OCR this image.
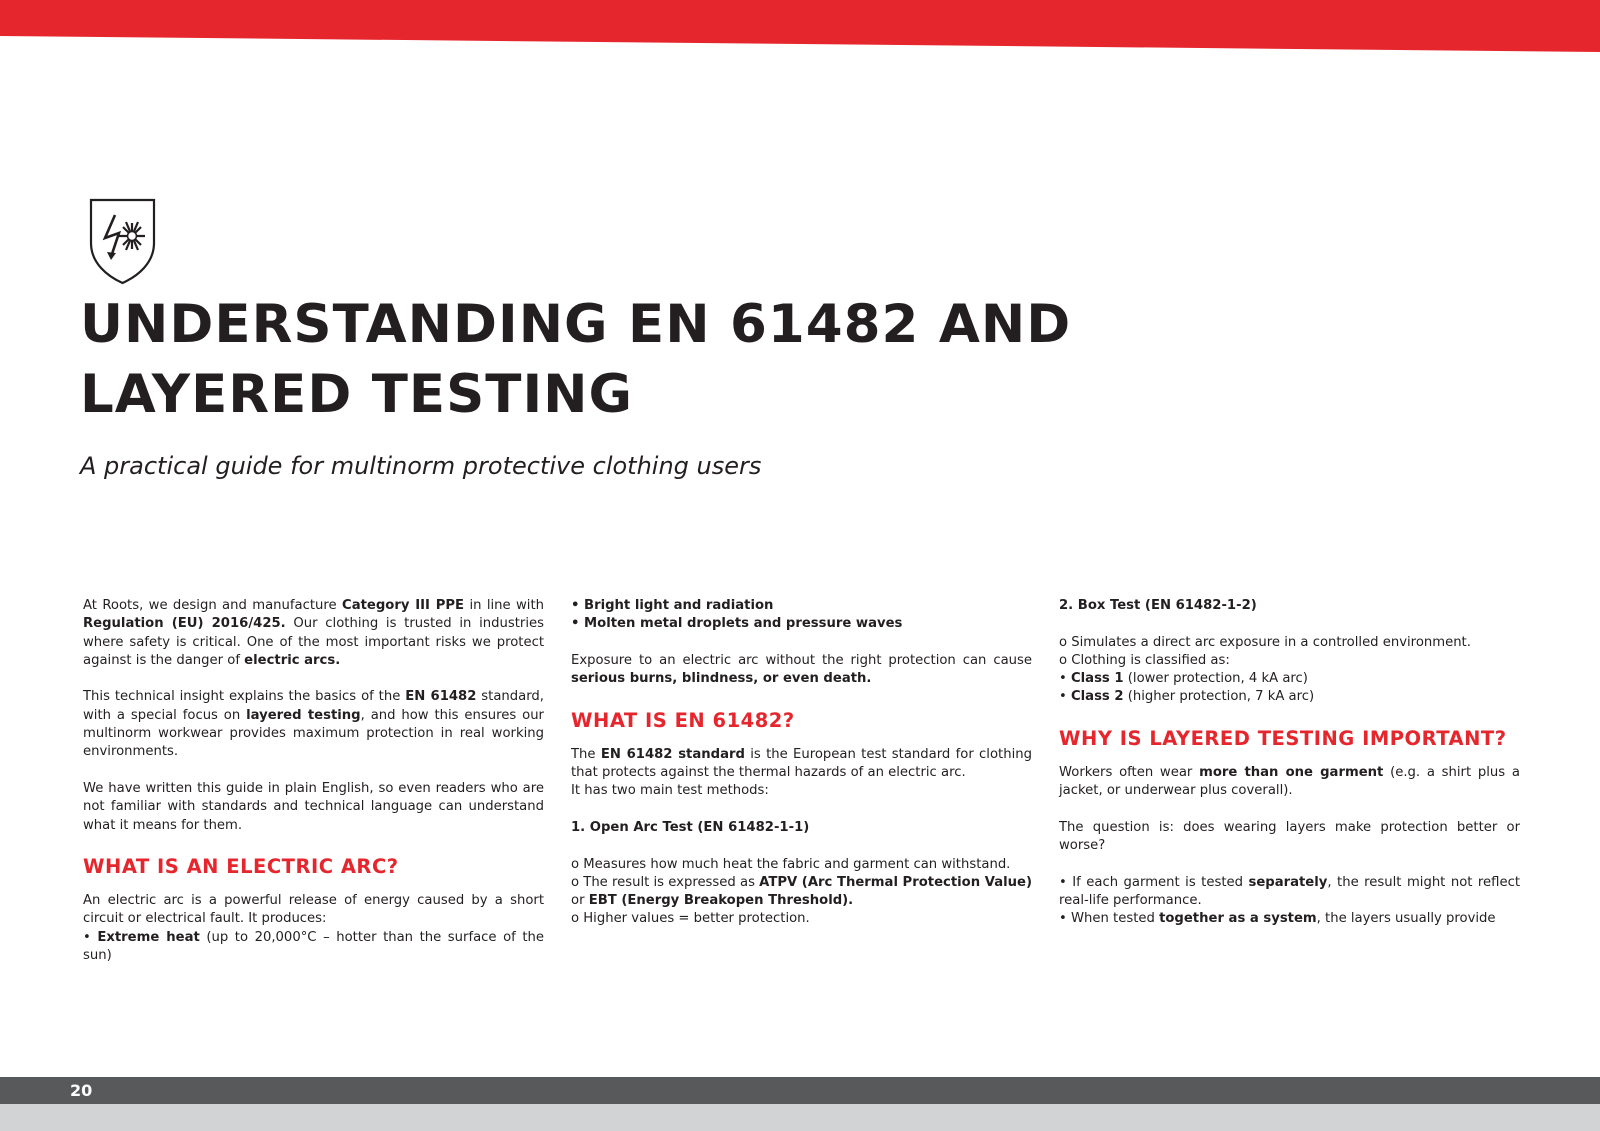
UNDERSTANDING EN 61482 AND LAYERED TESTING

A practical guide for multinorm protective clothing users

At Roots, we design and manufacture Category III PPE in line with Regulation (EU) 2016/425. Our clothing is trusted in industries where safety is critical. One of the most important risks we protect against is the danger of electric arcs.

This technical insight explains the basics of the EN 61482 standard, with a special focus on layered testing, and how this ensures our multinorm workwear provides maximum protection in real working environments.

We have written this guide in plain English, so even readers who are not familiar with standards and technical language can understand what it means for them.

WHAT IS AN ELECTRIC ARC?

An electric arc is a powerful release of energy caused by a short circuit or electrical fault. It produces:

• Extreme heat (up to 20,000°C – hotter than the surface of the sun)

• Bright light and radiation

• Molten metal droplets and pressure waves

Exposure to an electric arc without the right protection can cause serious burns, blindness, or even death.

WHAT IS EN 61482?

The EN 61482 standard is the European test standard for clothing that protects against the thermal hazards of an electric arc.

It has two main test methods:

1. Open Arc Test (EN 61482-1-1)

o Measures how much heat the fabric and garment can withstand.

o The result is expressed as ATPV (Arc Thermal Protection Value) or EBT (Energy Breakopen Threshold).

o Higher values = better protection.

2. Box Test (EN 61482-1-2)

o Simulates a direct arc exposure in a controlled environment.

o Clothing is classified as:

• Class 1 (lower protection, 4 kA arc)

• Class 2 (higher protection, 7 kA arc)

WHY IS LAYERED TESTING IMPORTANT?

Workers often wear more than one garment (e.g. a shirt plus a jacket, or underwear plus coverall).

The question is: does wearing layers make protection better or worse?

• If each garment is tested separately, the result might not reflect real-life performance.

• When tested together as a system, the layers usually provide

20
